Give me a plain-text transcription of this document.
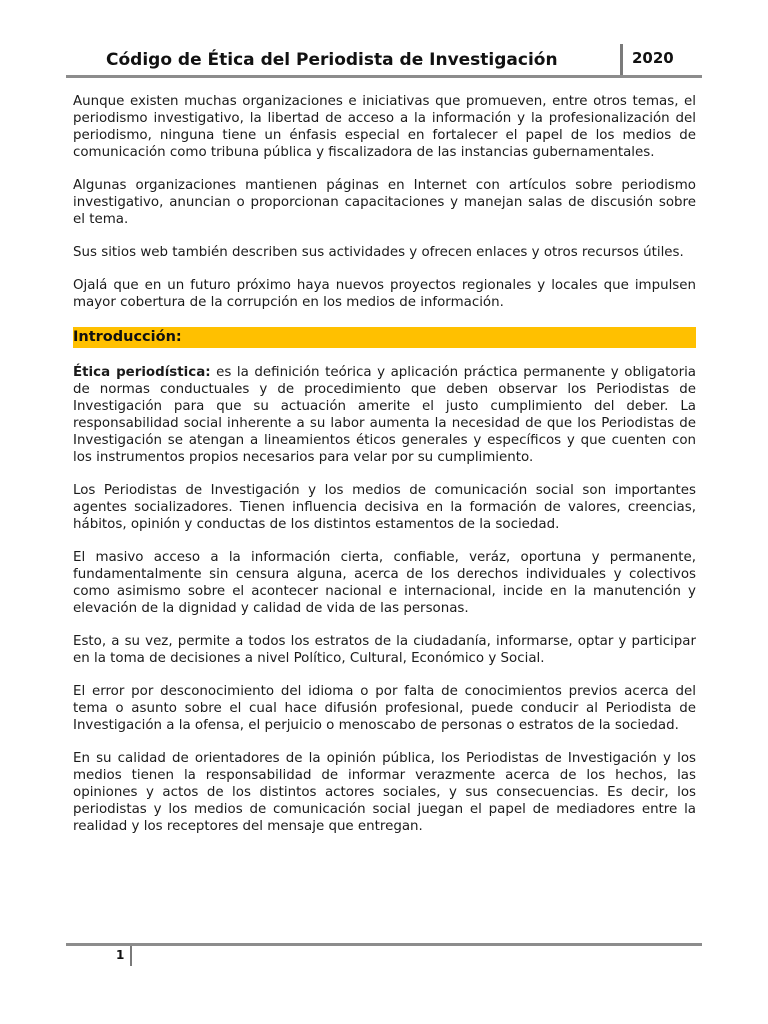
Código de Ética del Periodista de Investigación	2020

Aunque existen muchas organizaciones e iniciativas que promueven, entre otros temas, el periodismo investigativo, la libertad de acceso a la información y la profesionalización del periodismo, ninguna tiene un énfasis especial en fortalecer el papel de los medios de comunicación como tribuna pública y fiscalizadora de las instancias gubernamentales.

Algunas organizaciones mantienen páginas en Internet con artículos sobre periodismo investigativo, anuncian o proporcionan capacitaciones y manejan salas de discusión sobre el tema.

Sus sitios web también describen sus actividades y ofrecen enlaces y otros recursos útiles.

Ojalá que en un futuro próximo haya nuevos proyectos regionales y locales que impulsen mayor cobertura de la corrupción en los medios de información.

Introducción:

Ética periodística: es la definición teórica y aplicación práctica permanente y obligatoria de normas conductuales y de procedimiento que deben observar los Periodistas de Investigación para que su actuación amerite el justo cumplimiento del deber. La responsabilidad social inherente a su labor aumenta la necesidad de que los Periodistas de Investigación se atengan a lineamientos éticos generales y específicos y que cuenten con los instrumentos propios necesarios para velar por su cumplimiento.

Los Periodistas de Investigación y los medios de comunicación social son importantes agentes socializadores. Tienen influencia decisiva en la formación de valores, creencias, hábitos, opinión y conductas de los distintos estamentos de la sociedad.

El masivo acceso a la información cierta, confiable, veráz, oportuna y permanente, fundamentalmente sin censura alguna, acerca de los derechos individuales y colectivos como asimismo sobre el acontecer nacional e internacional, incide en la manutención y elevación de la dignidad y calidad de vida de las personas.

Esto, a su vez, permite a todos los estratos de la ciudadanía, informarse, optar y participar en la toma de decisiones a nivel Político, Cultural, Económico y Social.

El error por desconocimiento del idioma o por falta de conocimientos previos acerca del tema o asunto sobre el cual hace difusión profesional, puede conducir al Periodista de Investigación a la ofensa, el perjuicio o menoscabo de personas o estratos de la sociedad.

En su calidad de orientadores de la opinión pública, los Periodistas de Investigación y los medios tienen la responsabilidad de informar verazmente acerca de los hechos, las opiniones y actos de los distintos actores sociales, y sus consecuencias. Es decir, los periodistas y los medios de comunicación social juegan el papel de mediadores entre la realidad y los receptores del mensaje que entregan.

1
